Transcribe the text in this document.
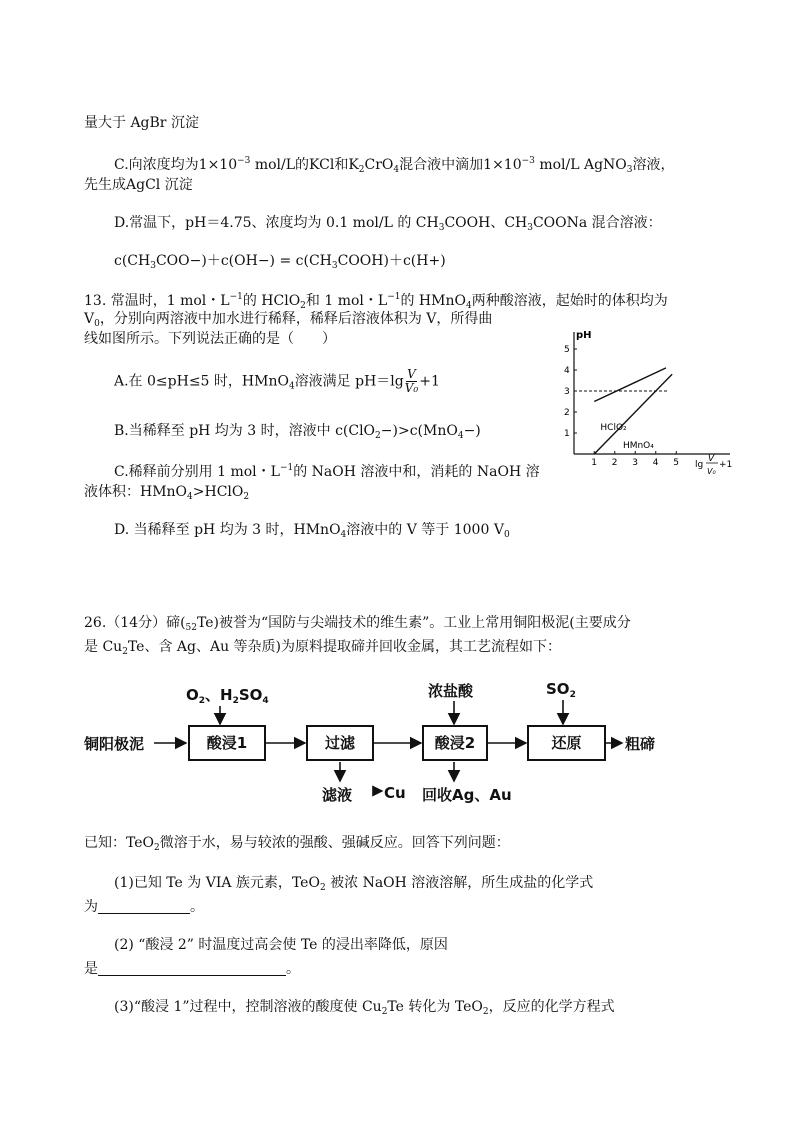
量大于 AgBr 沉淀
C.向浓度均为$1\times 10^{-3}$ mol/L的KCl和$K_2CrO_4$混合液中滴加$1\times 10^{-3}$ mol/L AgNO$_3$溶液，
先生成AgCl 沉淀
D.常温下，pH＝4.75、浓度均为 0.1 mol/L 的 $CH_3COOH$、$CH_3COONa$ 混合溶液：
$c(CH_3COO-)+c(OH-)$ = $c(CH_3COOH)+c(H+)$
13. 常温时，1 mol・$L^{-1}$的 HClO$_2$和 1 mol・$L^{-1}$的 HMnO$_4$两种酸溶液，起始时的体积均为
$V_0$，分别向两溶液中加水进行稀释，稀释后溶液体积为 V，所得曲
线如图所示。下列说法正确的是（　　）
A.在 0≤pH≤5 时，HMnO$_4$溶液满足 $pH=\lg \frac{V}{\text{V₀}} +1$
B.当稀释至 pH 均为 3 时，溶液中 c(ClO$_2$−)>c(MnO$_4$−)
C.稀释前分别用 1 mol・$L^{-1}$的 NaOH 溶液中和，消耗的 NaOH 溶
液体积：HMnO$_4$>HClO$_2$
D. 当稀释至 pH 均为 3 时，HMnO$_4$溶液中的 V 等于 1000 $V_0$
1 2 3 4 5
1
2
3
4
5
pH
lg
V
V₀
+1
HClO₂
HMnO₄
26.（14分）碲$(_{52}Te)$被誉为“国防与尖端技术的维生素”。工业上常用铜阳极泥(主要成分
是 $Cu_2Te$、含 Ag、Au 等杂质)为原料提取碲并回收金属，其工艺流程如下：
铜阳极泥
$O_2$、$H_2SO_4$
酸浸1	过滤
滤液 Cu
浓盐酸
酸浸2
回收Ag、Au
$SO_2$
还原	粗碲
已知：TeO$_2$微溶于水，易与较浓的强酸、强碱反应。回答下列问题：
(1)已知 Te 为 VIA 族元素，TeO$_2$ 被浓 NaOH 溶液溶解，所生成盐的化学式
为	。
(2) “酸浸 2” 时温度过高会使 Te 的浸出率降低，原因
是	。
(3)“酸浸 1”过程中，控制溶液的酸度使 $Cu_2Te$ 转化为 TeO$_2$，反应的化学方程式
